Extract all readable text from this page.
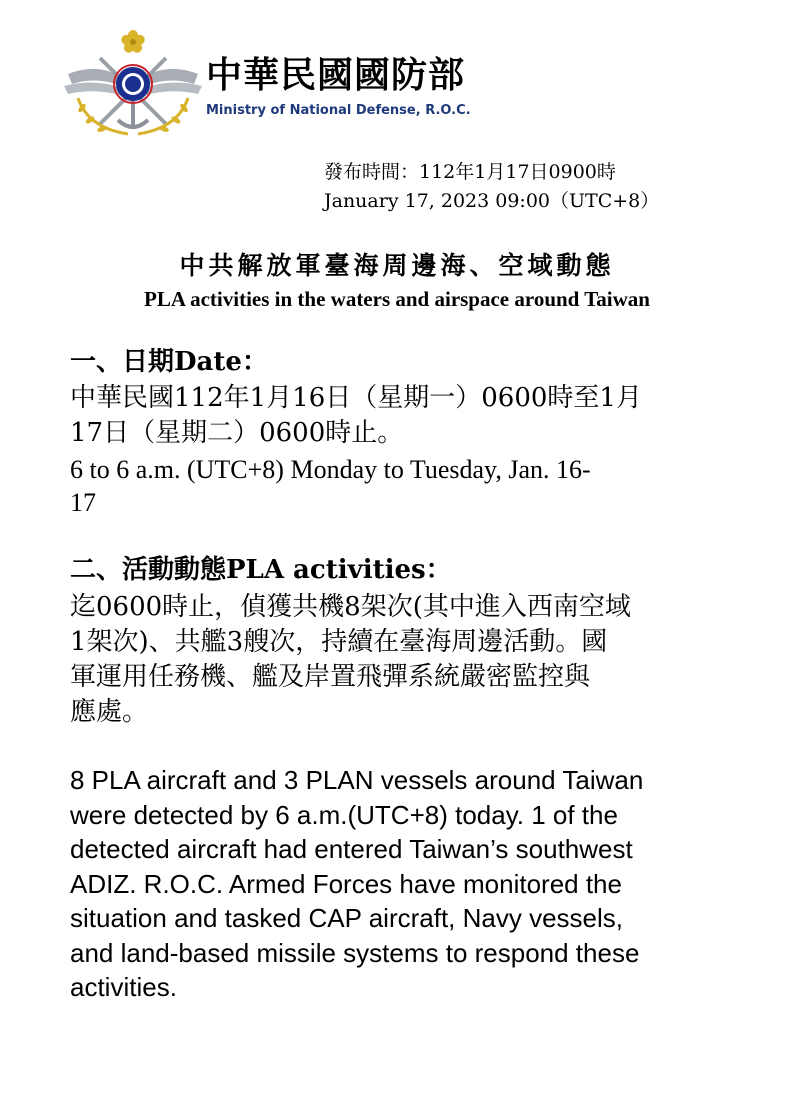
中華民國國防部
Ministry of National Defense, R.O.C.
發布時間：112年1月17日0900時
January 17, 2023 09:00（UTC+8）
中共解放軍臺海周邊海、空域動態
PLA activities in the waters and airspace around Taiwan
一、日期Date：
中華民國112年1月16日（星期一）0600時至1月
17日（星期二）0600時止。
6 to 6 a.m. (UTC+8) Monday to Tuesday, Jan. 16-
17
二、活動動態PLA activities：
迄0600時止，偵獲共機8架次(其中進入西南空域
1架次)、共艦3艘次，持續在臺海周邊活動。國
軍運用任務機、艦及岸置飛彈系統嚴密監控與
應處。
8 PLA aircraft and 3 PLAN vessels around Taiwan
were detected by 6 a.m.(UTC+8) today. 1 of the
detected aircraft had entered Taiwan’s southwest
ADIZ. R.O.C. Armed Forces have monitored the
situation and tasked CAP aircraft, Navy vessels,
and land-based missile systems to respond these
activities.
